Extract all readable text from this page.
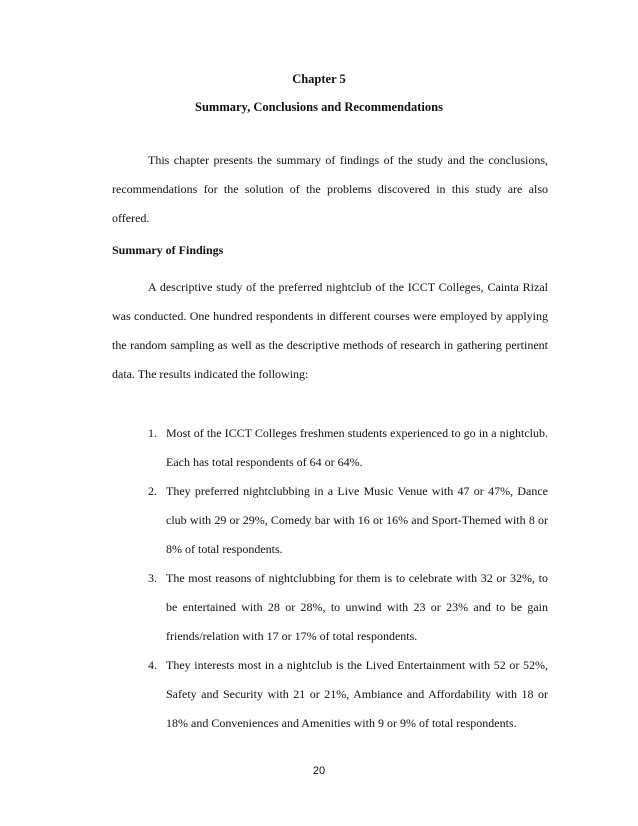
Chapter 5
Summary, Conclusions and Recommendations

This chapter presents the summary of findings of the study and the conclusions, recommendations for the solution of the problems discovered in this study are also offered.

Summary of Findings

A descriptive study of the preferred nightclub of the ICCT Colleges, Cainta Rizal was conducted. One hundred respondents in different courses were employed by applying the random sampling as well as the descriptive methods of research in gathering pertinent data. The results indicated the following:

1. Most of the ICCT Colleges freshmen students experienced to go in a nightclub. Each has total respondents of 64 or 64%.
2. They preferred nightclubbing in a Live Music Venue with 47 or 47%, Dance club with 29 or 29%, Comedy bar with 16 or 16% and Sport-Themed with 8 or 8% of total respondents.
3. The most reasons of nightclubbing for them is to celebrate with 32 or 32%, to be entertained with 28 or 28%, to unwind with 23 or 23% and to be gain friends/relation with 17 or 17% of total respondents.
4. They interests most in a nightclub is the Lived Entertainment with 52 or 52%, Safety and Security with 21 or 21%, Ambiance and Affordability with 18 or 18% and Conveniences and Amenities with 9 or 9% of total respondents.
20
